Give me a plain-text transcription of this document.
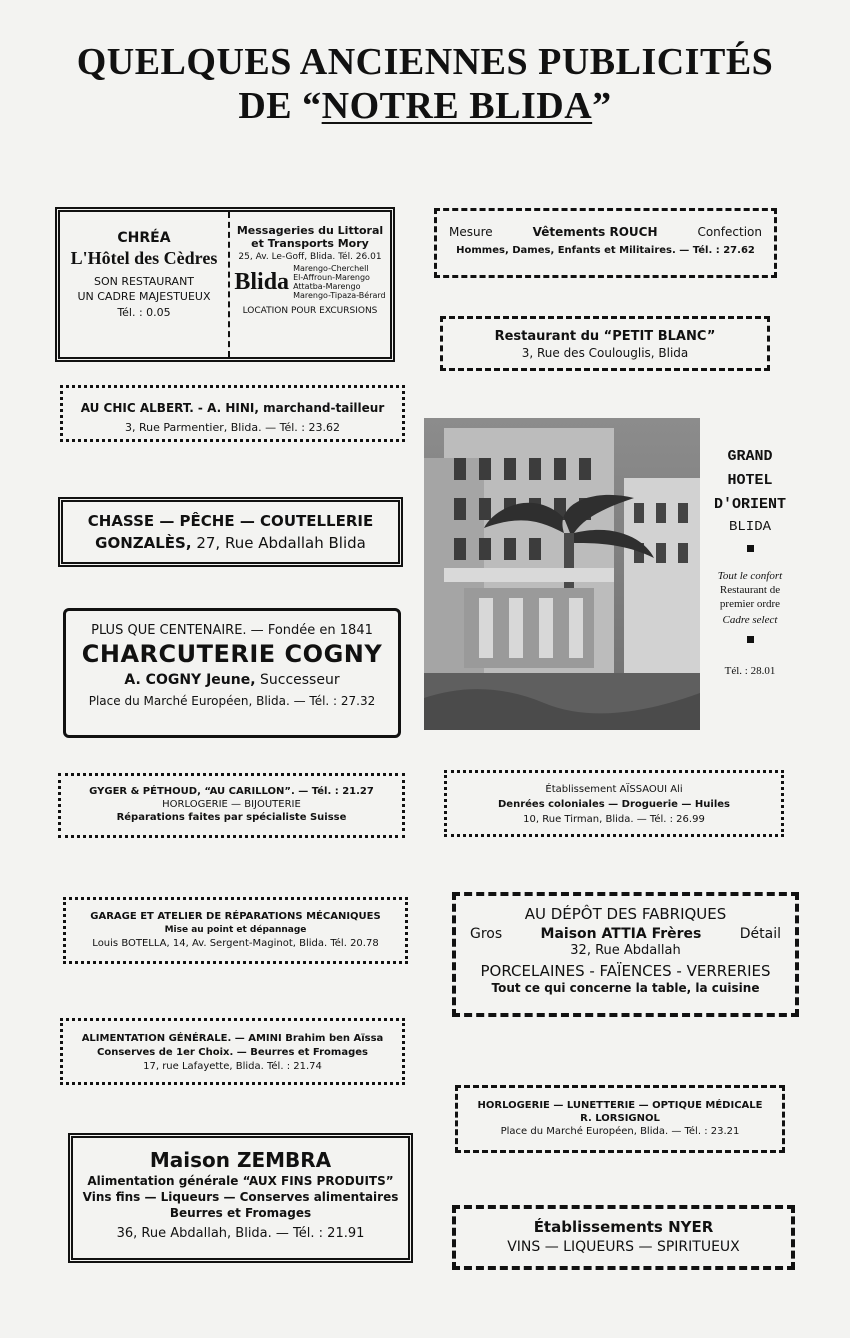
QUELQUES ANCIENNES PUBLICITÉS
DE “NOTRE BLIDA”
CHRÉA
L'Hôtel des Cèdres
SON RESTAURANT
UN CADRE MAJESTUEUX
Tél. : 0.05
Messageries du Littoral
et Transports Mory
25, Av. Le-Goff, Blida. Tél. 26.01
Blida Marengo-Cherchell
El-Affroun-Marengo
Attatba-Marengo
Marengo-Tipaza-Bérard
LOCATION POUR EXCURSIONS
Mesure	Vêtements ROUCH	Confection
Hommes, Dames, Enfants et Militaires. — Tél. : 27.62
Restaurant du “PETIT BLANC”
3, Rue des Coulouglis, Blida
AU CHIC ALBERT. - A. HINI, marchand-tailleur
3, Rue Parmentier, Blida. — Tél. : 23.62
CHASSE — PÊCHE — COUTELLERIE
GONZALÈS, 27, Rue Abdallah Blida
PLUS QUE CENTENAIRE. — Fondée en 1841
CHARCUTERIE COGNY
A. COGNY Jeune, Successeur
Place du Marché Européen, Blida. — Tél. : 27.32
GRAND
HOTEL
D'ORIENT
BLIDA
Tout le confort
Restaurant de
premier ordre
Cadre select
Tél. : 28.01
GYGER & PÉTHOUD, “AU CARILLON”. — Tél. : 21.27
HORLOGERIE — BIJOUTERIE
Réparations faites par spécialiste Suisse
Établissement AÏSSAOUI Ali
Denrées coloniales — Droguerie — Huiles
10, Rue Tirman, Blida. — Tél. : 26.99
GARAGE ET ATELIER DE RÉPARATIONS MÉCANIQUES
Mise au point et dépannage
Louis BOTELLA, 14, Av. Sergent-Maginot, Blida. Tél. 20.78
AU DÉPÔT DES FABRIQUES
Gros	Maison ATTIA Frères	Détail
32, Rue Abdallah
PORCELAINES - FAÏENCES - VERRERIES
Tout ce qui concerne la table, la cuisine
ALIMENTATION GÉNÉRALE. — AMINI Brahim ben Aïssa
Conserves de 1er Choix. — Beurres et Fromages
17, rue Lafayette, Blida. Tél. : 21.74
HORLOGERIE — LUNETTERIE — OPTIQUE MÉDICALE
R. LORSIGNOL
Place du Marché Européen, Blida. — Tél. : 23.21
Maison ZEMBRA
Alimentation générale “AUX FINS PRODUITS”
Vins fins — Liqueurs — Conserves alimentaires
Beurres et Fromages
36, Rue Abdallah, Blida. — Tél. : 21.91	Établissements NYER
VINS — LIQUEURS — SPIRITUEUX
